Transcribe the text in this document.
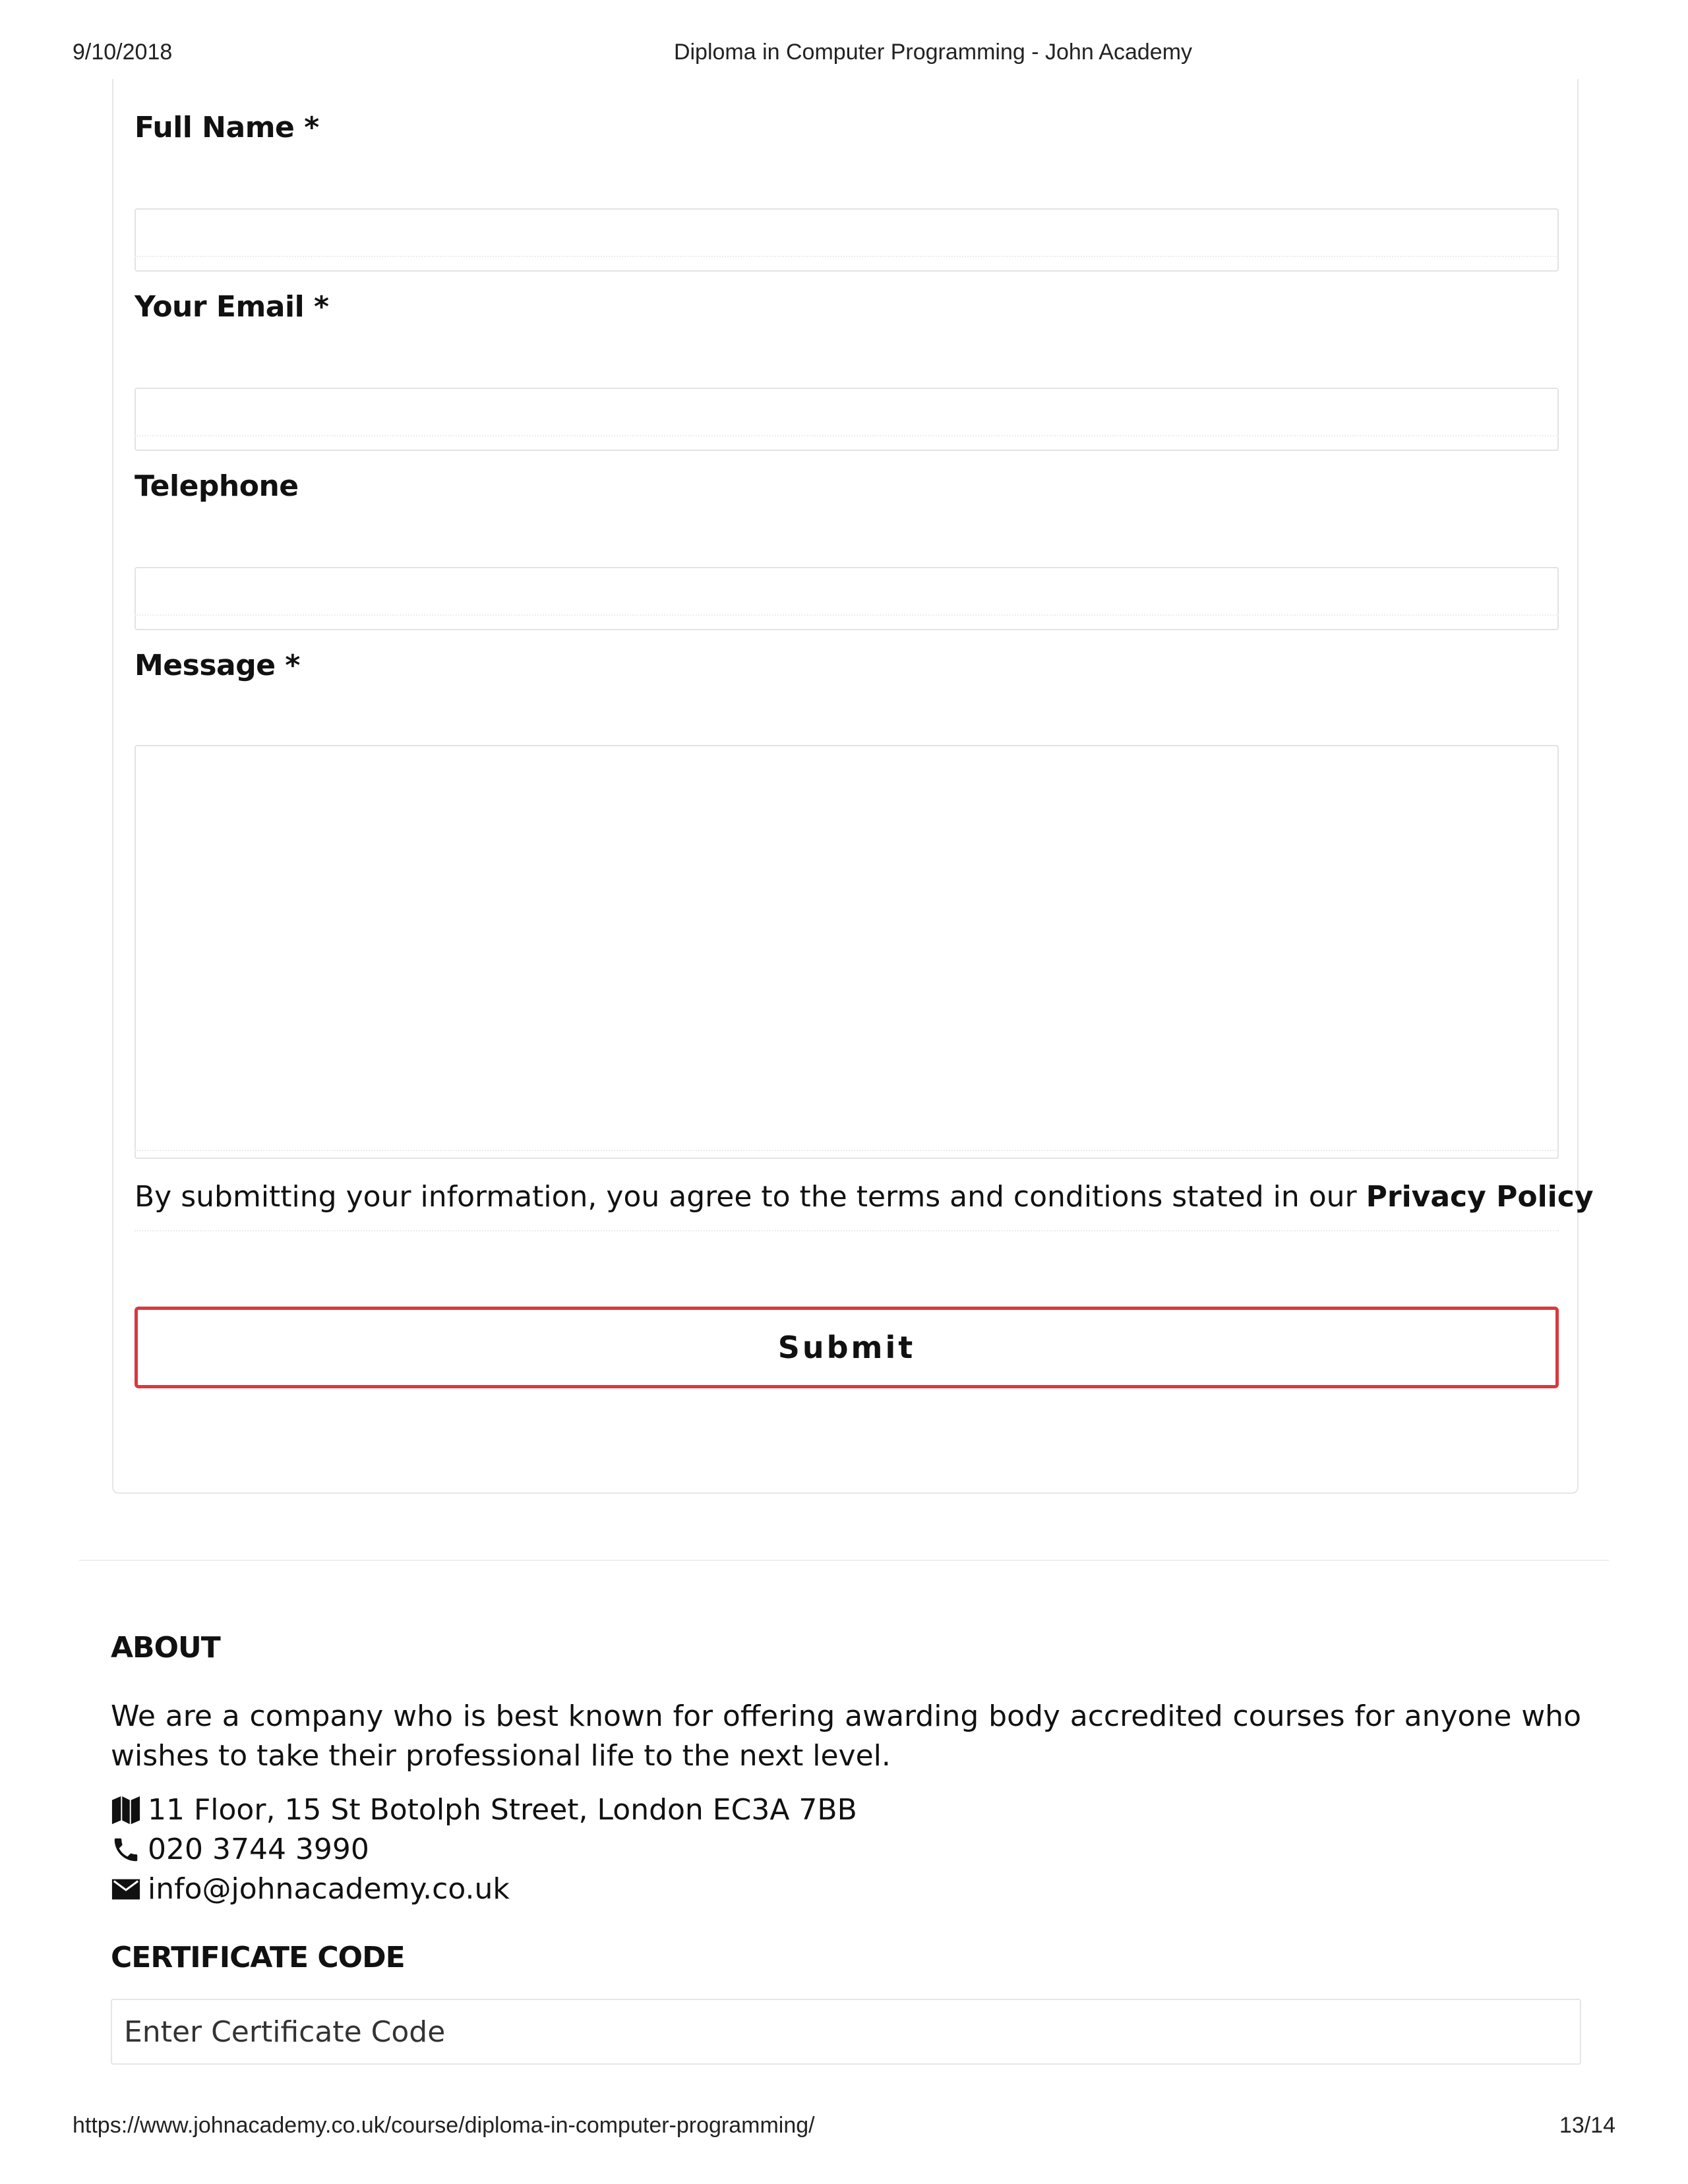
9/10/2018	Diploma in Computer Programming - John Academy
Full Name *
Your Email *
Telephone
Message *
By submitting your information, you agree to the terms and conditions stated in our Privacy Policy
Submit
ABOUT
We are a company who is best known for offering awarding body accredited courses for anyone who wishes to take their professional life to the next level.
11 Floor, 15 St Botolph Street, London EC3A 7BB
020 3744 3990
info@johnacademy.co.uk
CERTIFICATE CODE
Enter Certificate Code
https://www.johnacademy.co.uk/course/diploma-in-computer-programming/	13/14
